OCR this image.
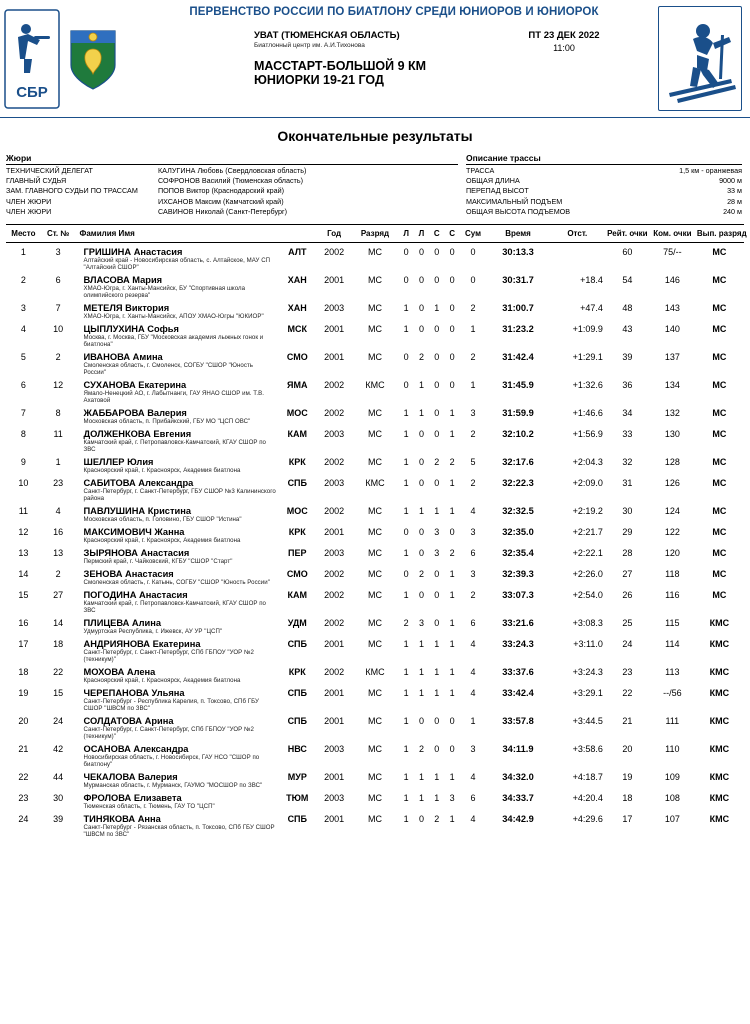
СБР
ПЕРВЕНСТВО РОССИИ ПО БИАТЛОНУ СРЕДИ ЮНИОРОВ И ЮНИОРОК
УВАТ (ТЮМЕНСКАЯ ОБЛАСТЬ)
Биатлонный центр им. А.И.Тихонова
МАССТАРТ-БОЛЬШОЙ 9 КМ ЮНИОРКИ 19-21 ГОД
ПТ 23 ДЕК 2022
11:00
Окончательные результаты
Жюри
ТЕХНИЧЕСКИЙ ДЕЛЕГАТ	КАЛУГИНА Любовь (Свердловская область)
ГЛАВНЫЙ СУДЬЯ	СОФРОНОВ Василий (Тюменская область)
ЗАМ. ГЛАВНОГО СУДЬИ ПО ТРАССАМ	ПОПОВ Виктор (Краснодарский край)
ЧЛЕН ЖЮРИ	ИХСАНОВ Максим (Камчатский край)
ЧЛЕН ЖЮРИ	САВИНОВ Николай (Санкт-Петербург)
Описание трассы
ТРАССА	1,5 км - оранжевая
ОБЩАЯ ДЛИНА	9000 м
ПЕРЕПАД ВЫСОТ	33 м
МАКСИМАЛЬНЫЙ ПОДЪЕМ	28 м
ОБЩАЯ ВЫСОТА ПОДЪЕМОВ	240 м
Место	Ст. №	Фамилия Имя		Год	Разряд	Л	Л	С	С	Сум	Время	Отст.	Рейт. очки	Ком. очки	Вып. разряд

1	3	ГРИШИНА Анастасия
Алтайский край - Новосибирская область, с. Алтайское, МАУ СП "Алтайский СШОР"	АЛТ	2002	МС	0	0	0	0	0	30:13.3		60	75/--	МС

2	6	ВЛАСОВА Мария
ХМАО-Югра, г. Ханты-Мансийск, БУ "Спортивная школа олимпийского резерва"	ХАН	2001	МС	0	0	0	0	0	30:31.7	+18.4	54	146	МС

3	7	МЕТЕЛЯ Виктория
ХМАО-Югра, г. Ханты-Мансийск, АПОУ ХМАО-Югры "ЮКИОР"	ХАН	2003	МС	1	0	1	0	2	31:00.7	+47.4	48	143	МС

4	10	ЦЫПЛУХИНА Софья
Москва, г. Москва, ГБУ "Московская академия лыжных гонок и биатлона"	МСК	2001	МС	1	0	0	0	1	31:23.2	+1:09.9	43	140	МС

5	2	ИВАНОВА Амина
Смоленская область, г. Смоленск, СОГБУ "СШОР "Юность России"	СМО	2001	МС	0	2	0	0	2	31:42.4	+1:29.1	39	137	МС

6	12	СУХАНОВА Екатерина
Ямало-Ненецкий АО, г. Лабытнанги, ГАУ ЯНАО СШОР им. Т.В. Ахатовой	ЯМА	2002	КМС	0	1	0	0	1	31:45.9	+1:32.6	36	134	МС

7	8	ЖАББАРОВА Валерия
Московская область, п. Прибайкский, ГБУ МО "ЦСП ОВС"	МОС	2002	МС	1	1	0	1	3	31:59.9	+1:46.6	34	132	МС

8	11	ДОЛЖЕНКОВА Евгения
Камчатский край, г. Петропавловск-Камчатский, КГАУ СШОР по ЗВС	КАМ	2003	МС	1	0	0	1	2	32:10.2	+1:56.9	33	130	МС

9	1	ШЕЛЛЕР Юлия
Красноярский край, г. Красноярск, Академия биатлона	КРК	2002	МС	1	0	2	2	5	32:17.6	+2:04.3	32	128	МС

10	23	САБИТОВА Александра
Санкт-Петербург, г. Санкт-Петербург, ГБУ СШОР №3 Калининского района	СПБ	2003	КМС	1	0	0	1	2	32:22.3	+2:09.0	31	126	МС

11	4	ПАВЛУШИНА Кристина
Московская область, п. Головино, ГБУ СШОР "Истина"	МОС	2002	МС	1	1	1	1	4	32:32.5	+2:19.2	30	124	МС

12	16	МАКСИМОВИЧ Жанна
Красноярский край, г. Красноярск, Академия биатлона	КРК	2001	МС	0	0	3	0	3	32:35.0	+2:21.7	29	122	МС

13	13	ЗЫРЯНОВА Анастасия
Пермский край, г. Чайковский, КГБУ "СШОР "Старт"	ПЕР	2003	МС	1	0	3	2	6	32:35.4	+2:22.1	28	120	МС

14	2	ЗЕНОВА Анастасия
Смоленская область, г. Катынь, СОГБУ "СШОР "Юность России"	СМО	2002	МС	0	2	0	1	3	32:39.3	+2:26.0	27	118	МС

15	27	ПОГОДИНА Анастасия
Камчатский край, г. Петропавловск-Камчатский, КГАУ СШОР по ЗВС	КАМ	2002	МС	1	0	0	1	2	33:07.3	+2:54.0	26	116	МС

16	14	ПЛИЦЕВА Алина
Удмуртская Республика, г. Ижевск, АУ УР "ЦСП"	УДМ	2002	МС	2	3	0	1	6	33:21.6	+3:08.3	25	115	КМС

17	18	АНДРИЯНОВА Екатерина
Санкт-Петербург, г. Санкт-Петербург, СПб ГБПОУ "УОР №2 (техникум)"	СПБ	2001	МС	1	1	1	1	4	33:24.3	+3:11.0	24	114	КМС

18	22	МОХОВА Алена
Красноярский край, г. Красноярск, Академия биатлона	КРК	2002	КМС	1	1	1	1	4	33:37.6	+3:24.3	23	113	КМС

19	15	ЧЕРЕПАНОВА Ульяна
Санкт-Петербург - Республика Карелия, п. Токсово, СПб ГБУ СШОР "ШВСМ по ЗВС"	СПБ	2001	МС	1	1	1	1	4	33:42.4	+3:29.1	22	--/56	КМС

20	24	СОЛДАТОВА Арина
Санкт-Петербург, г. Санкт-Петербург, СПб ГБПОУ "УОР №2 (техникум)"	СПБ	2001	МС	1	0	0	0	1	33:57.8	+3:44.5	21	111	КМС

21	42	ОСАНОВА Александра
Новосибирская область, г. Новосибирск, ГАУ НСО "СШОР по биатлону"	НВС	2003	МС	1	2	0	0	3	34:11.9	+3:58.6	20	110	КМС

22	44	ЧЕКАЛОВА Валерия
Мурманская область, г. Мурманск, ГАУМО "МОСШОР по ЗВС"	МУР	2001	МС	1	1	1	1	4	34:32.0	+4:18.7	19	109	КМС

23	30	ФРОЛОВА Елизавета
Тюменская область, г. Тюмень, ГАУ ТО "ЦСП"	ТЮМ	2003	МС	1	1	1	3	6	34:33.7	+4:20.4	18	108	КМС

24	39	ТИНЯКОВА Анна
Санкт-Петербург - Рязанская область, п. Токсово, СПб ГБУ СШОР "ШВСМ по ЗВС"	СПБ	2001	МС	1	0	2	1	4	34:42.9	+4:29.6	17	107	КМС
